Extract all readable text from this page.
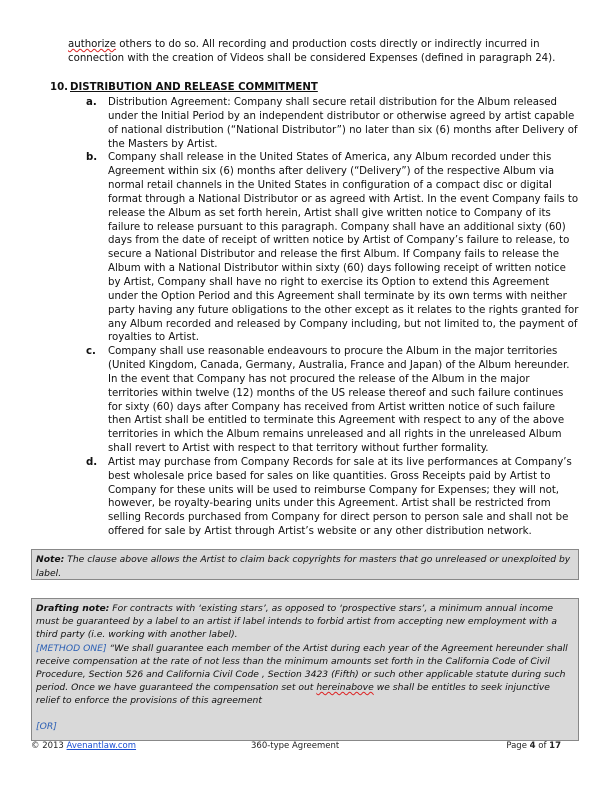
authorize others to do so. All recording and production costs directly or indirectly incurred in connection with the creation of Videos shall be considered Expenses (defined in paragraph 24).
10. DISTRIBUTION AND RELEASE COMMITMENT
a. Distribution Agreement: Company shall secure retail distribution for the Album released under the Initial Period by an independent distributor or otherwise agreed by artist capable of national distribution (“National Distributor”) no later than six (6) months after Delivery of the Masters by Artist.
b. Company shall release in the United States of America, any Album recorded under this Agreement within six (6) months after delivery (“Delivery”) of the respective Album via normal retail channels in the United States in configuration of a compact disc or digital format through a National Distributor or as agreed with Artist. In the event Company fails to release the Album as set forth herein, Artist shall give written notice to Company of its failure to release pursuant to this paragraph. Company shall have an additional sixty (60) days from the date of receipt of written notice by Artist of Company’s failure to release, to secure a National Distributor and release the first Album. If Company fails to release the Album with a National Distributor within sixty (60) days following receipt of written notice by Artist, Company shall have no right to exercise its Option to extend this Agreement under the Option Period and this Agreement shall terminate by its own terms with neither party having any future obligations to the other except as it relates to the rights granted for any Album recorded and released by Company including, but not limited to, the payment of royalties to Artist.
c. Company shall use reasonable endeavours to procure the Album in the major territories (United Kingdom, Canada, Germany, Australia, France and Japan) of the Album hereunder. In the event that Company has not procured the release of the Album in the major territories within twelve (12) months of the US release thereof and such failure continues for sixty (60) days after Company has received from Artist written notice of such failure then Artist shall be entitled to terminate this Agreement with respect to any of the above territories in which the Album remains unreleased and all rights in the unreleased Album shall revert to Artist with respect to that territory without further formality.
d. Artist may purchase from Company Records for sale at its live performances at Company’s best wholesale price based for sales on like quantities. Gross Receipts paid by Artist to Company for these units will be used to reimburse Company for Expenses; they will not, however, be royalty-bearing units under this Agreement. Artist shall be restricted from selling Records purchased from Company for direct person to person sale and shall not be offered for sale by Artist through Artist’s website or any other distribution network.
Note: The clause above allows the Artist to claim back copyrights for masters that go unreleased or unexploited by label.

Drafting note: For contracts with ‘existing stars’, as opposed to ‘prospective stars’, a minimum annual income must be guaranteed by a label to an artist if label intends to forbid artist from accepting new employment with a third party (i.e. working with another label).

[METHOD ONE] “We shall guarantee each member of the Artist during each year of the Agreement hereunder shall receive compensation at the rate of not less than the minimum amounts set forth in the California Code of Civil Procedure, Section 526 and California Civil Code , Section 3423 (Fifth) or such other applicable statute during such period. Once we have guaranteed the compensation set out hereinabove we shall be entitles to seek injunctive relief to enforce the provisions of this agreement

[OR]

© 2013 Avenantlaw.com	360-type Agreement	Page 4 of 17
